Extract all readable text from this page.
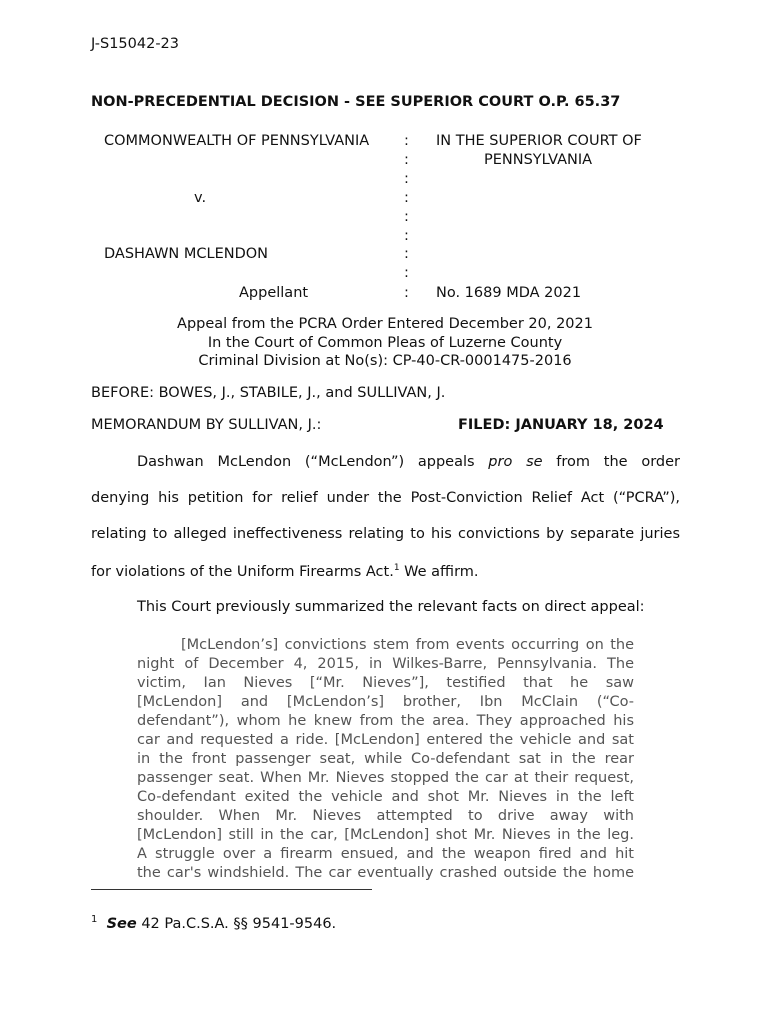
J-S15042-23
NON-PRECEDENTIAL DECISION - SEE SUPERIOR COURT O.P. 65.37
COMMONWEALTH OF PENNSYLVANIA
v.
DASHAWN MCLENDON
Appellant
:
:
:
:
:
:
:
:
:
IN THE SUPERIOR COURT OF
PENNSYLVANIA
No. 1689 MDA 2021
Appeal from the PCRA Order Entered December 20, 2021
In the Court of Common Pleas of Luzerne County
Criminal Division at No(s): CP-40-CR-0001475-2016
BEFORE: BOWES, J., STABILE, J., and SULLIVAN, J.
MEMORANDUM BY SULLIVAN, J.:	FILED: JANUARY 18, 2024
Dashwan McLendon (“McLendon”) appeals pro se from the order
denying his petition for relief under the Post-Conviction Relief Act (“PCRA”),
relating to alleged ineffectiveness relating to his convictions by separate juries
for violations of the Uniform Firearms Act.$^1$ We affirm.
This Court previously summarized the relevant facts on direct appeal:
[McLendon’s] convictions stem from events occurring on the
night of December 4, 2015, in Wilkes-Barre, Pennsylvania. The
victim, Ian Nieves [“Mr. Nieves”], testified that he saw
[McLendon] and [McLendon’s] brother, Ibn McClain (“Co-
defendant”), whom he knew from the area. They approached his
car and requested a ride. [McLendon] entered the vehicle and sat
in the front passenger seat, while Co-defendant sat in the rear
passenger seat. When Mr. Nieves stopped the car at their request,
Co-defendant exited the vehicle and shot Mr. Nieves in the left
shoulder. When Mr. Nieves attempted to drive away with
[McLendon] still in the car, [McLendon] shot Mr. Nieves in the leg.
A struggle over a firearm ensued, and the weapon fired and hit
the car's windshield. The car eventually crashed outside the home
$^1$ See 42 Pa.C.S.A. §§ 9541-9546.
